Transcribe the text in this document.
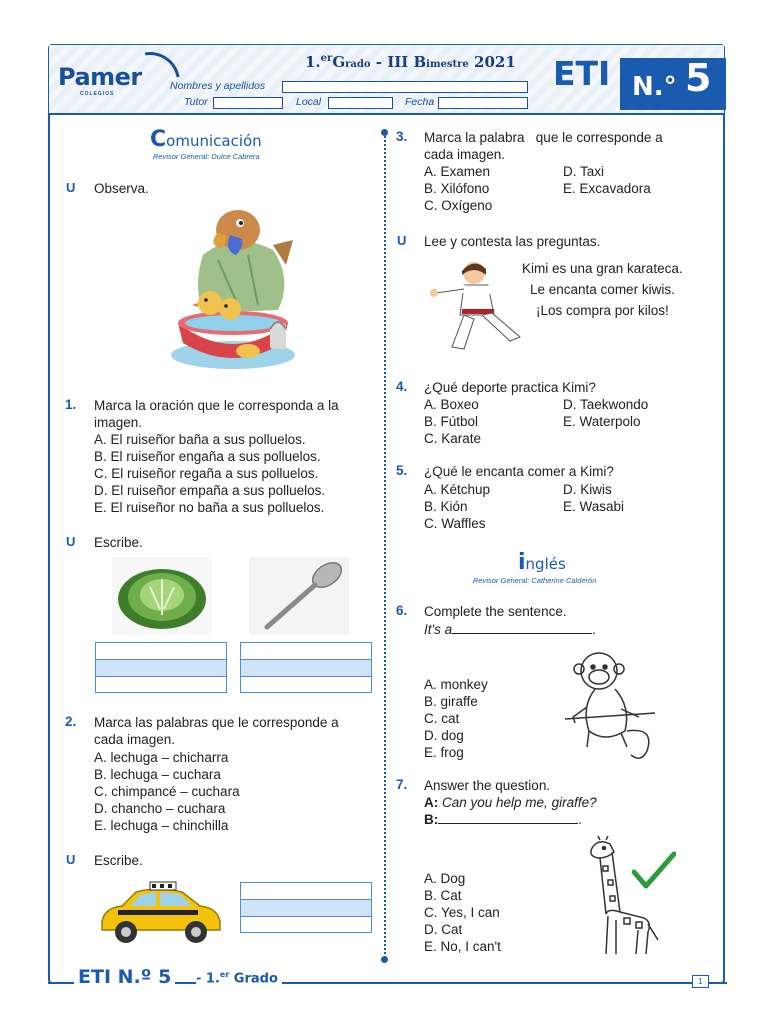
Pamer
COLEGIOS
1.$^{er}$Grado - III Bimestre 2021
Nombres y apellidos
Tutor	Local	Fecha
ETI N.° 5
Comunicación
Revisor General: Dulce Cabrera
U Observa.
1. Marca la oración que le corresponda a la
imagen.
A. El ruiseñor baña a sus polluelos.
B. El ruiseñor engaña a sus polluelos.
C. El ruiseñor regaña a sus polluelos.
D. El ruiseñor empaña a sus polluelos.
E. El ruiseñor no baña a sus polluelos.
U Escribe.
2. Marca las palabras que le corresponde a
cada imagen.
A. lechuga – chicharra
B. lechuga – cuchara
C. chimpancé – cuchara
D. chancho – cuchara
E. lechuga – chinchilla
U Escribe.
3. Marca la palabra   que le corresponde a
cada imagen.
A. Examen
B. Xilófono
C. Oxígeno
D. Taxi
E. Excavadora
U Lee y contesta las preguntas.
Kimi es una gran karateca.
Le encanta comer kiwis.
¡Los compra por kilos!
4. ¿Qué deporte practica Kimi?
A. Boxeo
B. Fútbol
C. Karate
D. Taekwondo
E. Waterpolo
5. ¿Qué le encanta comer a Kimi?
A. Kétchup
B. Kión
C. Waffles
D. Kiwis
E. Wasabi
inglés
Revisor General: Catherine Calderón
6. Complete the sentence.
It's a	.
A. monkey
B. giraffe
C. cat
D. dog
E. frog
7. Answer the question.
A: Can you help me, giraffe?
B:	.
A. Dog
B. Cat
C. Yes, I can
D. Cat
E. No, I can't
ETI N.º 5	- 1.$^{er}$ Grado	1
